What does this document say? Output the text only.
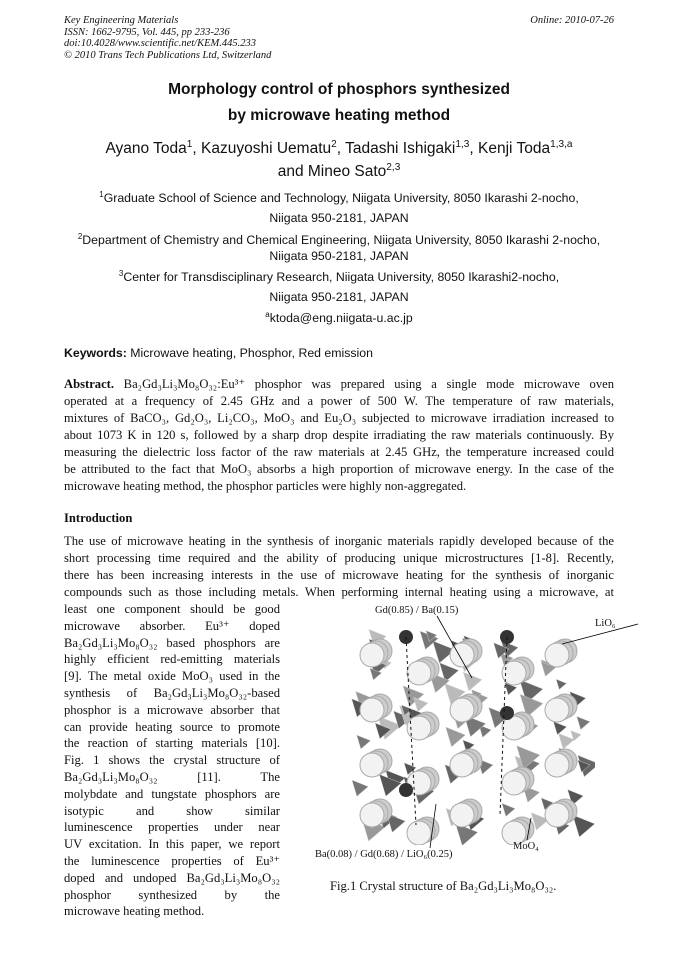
Key Engineering Materials
ISSN: 1662-9795, Vol. 445, pp 233-236
doi:10.4028/www.scientific.net/KEM.445.233
© 2010 Trans Tech Publications Ltd, Switzerland
Online: 2010-07-26
Morphology control of phosphors synthesized
by microwave heating method
Ayano Toda$^1$, Kazuyoshi Uematu$^2$, Tadashi Ishigaki$^{1,3}$, Kenji Toda$^{1,3,a}$
and Mineo Sato$^{2,3}$
$^1$Graduate School of Science and Technology, Niigata University, 8050 Ikarashi 2-nocho,
Niigata 950-2181, JAPAN
$^2$Department of Chemistry and Chemical Engineering, Niigata University, 8050 Ikarashi 2-nocho,
Niigata 950-2181, JAPAN
$^3$Center for Transdisciplinary Research, Niigata University, 8050 Ikarashi2-nocho,
Niigata 950-2181, JAPAN
$^a$ktoda@eng.niigata-u.ac.jp
Keywords: Microwave heating, Phosphor, Red emission
Abstract. Ba₂Gd₃Li₃Mo₈O₃₂:Eu³⁺ phosphor was prepared using a single mode microwave oven
operated at a frequency of 2.45 GHz and a power of 500 W. The temperature of raw materials,
mixtures of BaCO₃, Gd₂O₃, Li₂CO₃, MoO₃ and Eu₂O₃ subjected to microwave irradiation increased to
about 1073 K in 120 s, followed by a sharp drop despite irradiating the raw materials continuously. By
measuring the dielectric loss factor of the raw materials at 2.45 GHz, the temperature increased could
be attributed to the fact that MoO₃ absorbs a high proportion of microwave energy. In the case of the
microwave heating method, the phosphor particles were highly non-aggregated.
Introduction
The use of microwave heating in the synthesis of inorganic materials rapidly developed because of the
short processing time required and the ability of producing unique microstructures [1-8]. Recently,
there has been increasing interests in the use of microwave heating for the synthesis of inorganic
compounds such as those including metals. When performing internal heating using a microwave, at
least one component should be good
microwave absorber. Eu³⁺ doped
Ba₂Gd₃Li₃Mo₈O₃₂ based phosphors are
highly efficient red-emitting materials
[9]. The metal oxide MoO₃ used in the
synthesis of Ba₂Gd₃Li₃Mo₈O₃₂-based
phosphor is a microwave absorber that
can provide heating source to promote
the reaction of starting materials [10].
Fig. 1 shows the crystal structure of
Ba₂Gd₃Li₃Mo₈O₃₂ [11]. The
molybdate and tungstate phosphors are
isotypic and show similar
luminescence properties under near
UV excitation. In this paper, we report
the luminescence properties of Eu³⁺
doped and undoped Ba₂Gd₃Li₃Mo₈O₃₂
phosphor synthesized by the
microwave heating method.
Gd(0.85) / Ba(0.15)
LiO₆
Ba(0.08) / Gd(0.68) / LiO₆(0.25)
MoO₄
Fig.1 Crystal structure of Ba₂Gd₃Li₃Mo₈O₃₂.
